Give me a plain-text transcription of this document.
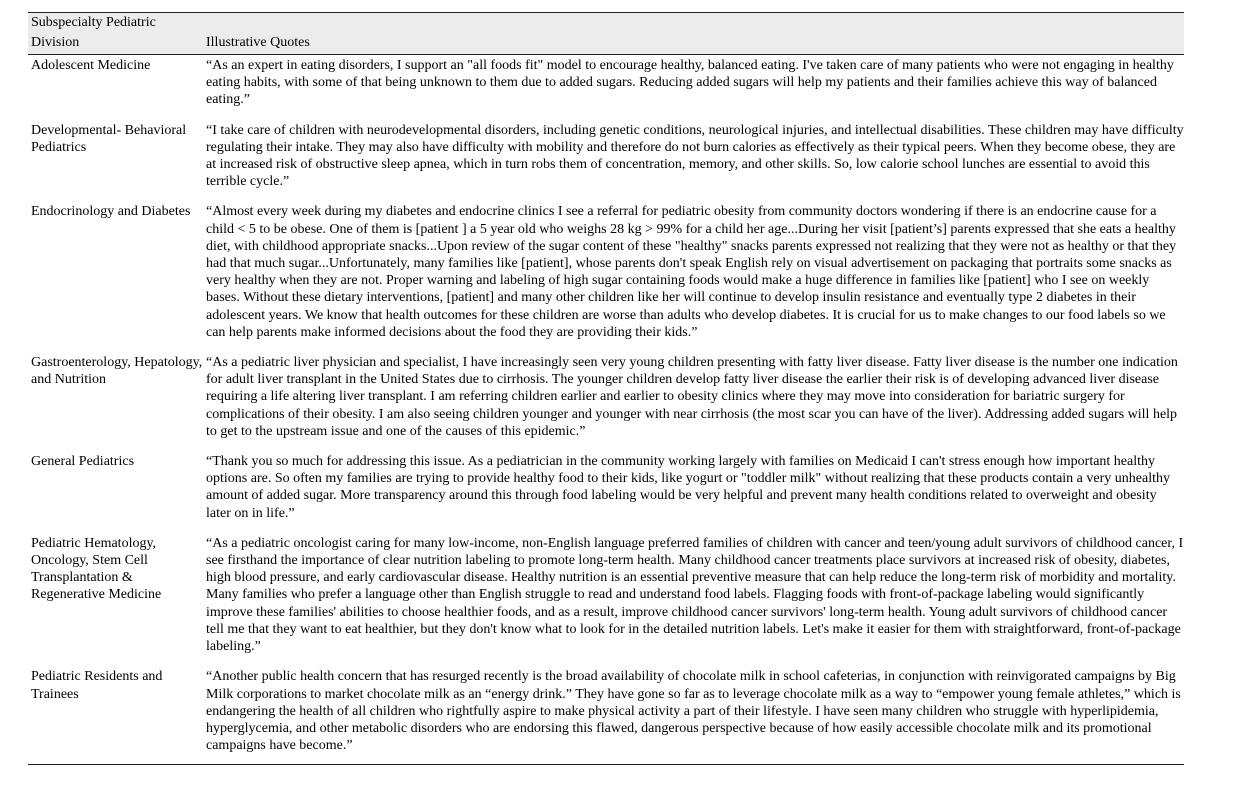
Subspecialty Pediatric Division	Illustrative Quotes
Adolescent Medicine	“As an expert in eating disorders, I support an "all foods fit" model to encourage healthy, balanced eating. I've taken care of many patients who were not engaging in healthy eating habits, with some of that being unknown to them due to added sugars. Reducing added sugars will help my patients and their families achieve this way of balanced eating.”
Developmental- Behavioral Pediatrics	“I take care of children with neurodevelopmental disorders, including genetic conditions, neurological injuries, and intellectual disabilities. These children may have difficulty regulating their intake. They may also have difficulty with mobility and therefore do not burn calories as effectively as their typical peers. When they become obese, they are at increased risk of obstructive sleep apnea, which in turn robs them of concentration, memory, and other skills. So, low calorie school lunches are essential to avoid this terrible cycle.”
Endocrinology and Diabetes	“Almost every week during my diabetes and endocrine clinics I see a referral for pediatric obesity from community doctors wondering if there is an endocrine cause for a child < 5 to be obese. One of them is [patient ] a 5 year old who weighs 28 kg > 99% for a child her age...During her visit [patient’s] parents expressed that she eats a healthy diet, with childhood appropriate snacks...Upon review of the sugar content of these "healthy" snacks parents expressed not realizing that they were not as healthy or that they had that much sugar...Unfortunately, many families like [patient], whose parents don't speak English rely on visual advertisement on packaging that portraits some snacks as very healthy when they are not. Proper warning and labeling of high sugar containing foods would make a huge difference in families like [patient] who I see on weekly bases. Without these dietary interventions, [patient] and many other children like her will continue to develop insulin resistance and eventually type 2 diabetes in their adolescent years. We know that health outcomes for these children are worse than adults who develop diabetes. It is crucial for us to make changes to our food labels so we can help parents make informed decisions about the food they are providing their kids.”
Gastroenterology, Hepatology, and Nutrition	“As a pediatric liver physician and specialist, I have increasingly seen very young children presenting with fatty liver disease. Fatty liver disease is the number one indication for adult liver transplant in the United States due to cirrhosis. The younger children develop fatty liver disease the earlier their risk is of developing advanced liver disease requiring a life altering liver transplant. I am referring children earlier and earlier to obesity clinics where they may move into consideration for bariatric surgery for complications of their obesity. I am also seeing children younger and younger with near cirrhosis (the most scar you can have of the liver). Addressing added sugars will help to get to the upstream issue and one of the causes of this epidemic.”
General Pediatrics	“Thank you so much for addressing this issue. As a pediatrician in the community working largely with families on Medicaid I can't stress enough how important healthy options are. So often my families are trying to provide healthy food to their kids, like yogurt or "toddler milk" without realizing that these products contain a very unhealthy amount of added sugar. More transparency around this through food labeling would be very helpful and prevent many health conditions related to overweight and obesity later on in life.”
Pediatric Hematology, Oncology, Stem Cell Transplantation & Regenerative Medicine	“As a pediatric oncologist caring for many low-income, non-English language preferred families of children with cancer and teen/young adult survivors of childhood cancer, I see firsthand the importance of clear nutrition labeling to promote long-term health. Many childhood cancer treatments place survivors at increased risk of obesity, diabetes, high blood pressure, and early cardiovascular disease. Healthy nutrition is an essential preventive measure that can help reduce the long-term risk of morbidity and mortality. Many families who prefer a language other than English struggle to read and understand food labels. Flagging foods with front-of-package labeling would significantly improve these families' abilities to choose healthier foods, and as a result, improve childhood cancer survivors' long-term health. Young adult survivors of childhood cancer tell me that they want to eat healthier, but they don't know what to look for in the detailed nutrition labels. Let's make it easier for them with straightforward, front-of-package labeling.”
Pediatric Residents and Trainees	“Another public health concern that has resurged recently is the broad availability of chocolate milk in school cafeterias, in conjunction with reinvigorated campaigns by Big Milk corporations to market chocolate milk as an “energy drink.” They have gone so far as to leverage chocolate milk as a way to “empower young female athletes,” which is endangering the health of all children who rightfully aspire to make physical activity a part of their lifestyle. I have seen many children who struggle with hyperlipidemia, hyperglycemia, and other metabolic disorders who are endorsing this flawed, dangerous perspective because of how easily accessible chocolate milk and its promotional campaigns have become.”
